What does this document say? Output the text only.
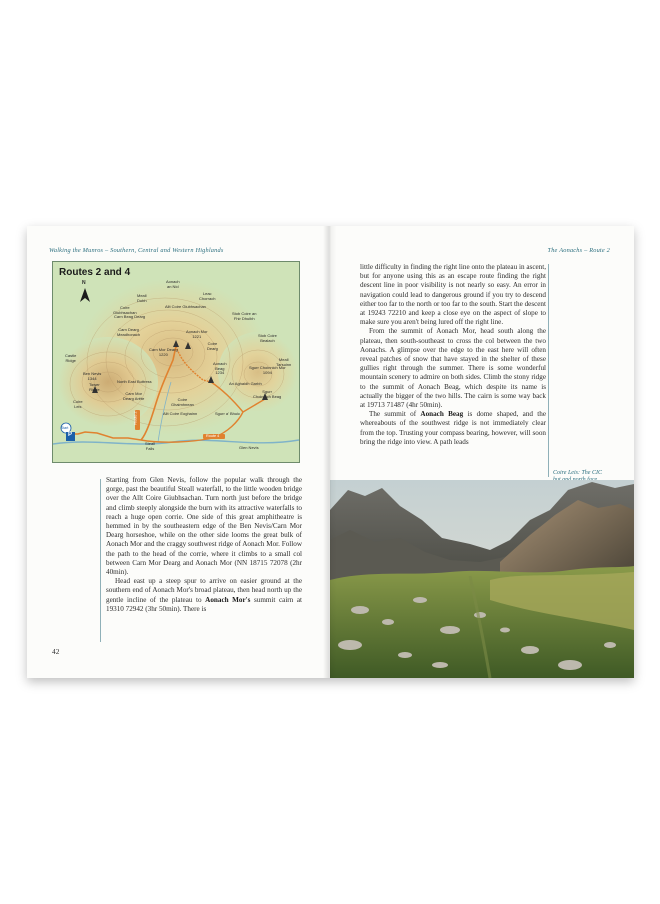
Walking the Munros – Southern, Central and Western Highlands
Routes 2 and 4
N	Aonach
an Nid
Meall
Dubh
Leac
Chorrach
Allt Coire Giubhsachan
Coire
Giubhsachan	Stob Coire an
Fhir Dhuibh
Carn Beag Dearg
Carn Dearg
Meadhonach
Aonach Mor
1221	Stob Coire
Bealach
Carn Mor Dearg
1220
Coire
Dearg
Castle
Ridge
Ben Nevis
1344
Tower
Ridge
North East Buttress
Carn Mor
Dearg Arête
Coire
Leis
Aonach
Beag
1234
An Aghaidh Garbh
Meall Tarsuinn
Sgurr Choinnich Mor
1094
Sgurr
Choinnich Beag
Coire
Ghaimhnean
Sgurr a' Bhuic
Allt Coire Eoghainn
Steall
Falls	Glen Nevis
Route 4
Route 2
Start
P

Starting from Glen Nevis, follow the popular walk through the gorge, past the beautiful Steall waterfall, to the little wooden bridge over the Allt Coire Giubhsachan. Turn north just before the bridge and climb steeply alongside the burn with its attractive waterfalls to reach a huge open corrie. One side of this great amphitheatre is hemmed in by the southeastern edge of the Ben Nevis/Carn Mor Dearg horseshoe, while on the other side looms the great bulk of Aonach Mor and the craggy southwest ridge of Aonach Mor. Follow the path to the head of the corrie, where it climbs to a small col between Carn Mor Dearg and Aonach Mor (NN 18715 72078 (2hr 40min).

Head east up a steep spur to arrive on easier ground at the southern end of Aonach Mor's broad plateau, then head north up the gentle incline of the plateau to Aonach Mor's summit cairn at 19310 72942 (3hr 50min). There is

42
The Aonachs – Route 2

little difficulty in finding the right line onto the plateau in ascent, but for anyone using this as an escape route finding the right descent line in poor visibility is not nearly so easy. An error in navigation could lead to dangerous ground if you try to descend either too far to the north or too far to the south. Start the descent at 19243 72210 and keep a close eye on the aspect of slope to make sure you aren't being lured off the right line.

From the summit of Aonach Mor, head south along the plateau, then south-southeast to cross the col between the two Aonachs. A glimpse over the edge to the east here will often reveal patches of snow that have stayed in the shelter of these gullies right through the summer. There is some wonderful mountain scenery to admire on both sides. Climb the stony ridge to the summit of Aonach Beag, which despite its name is actually the bigger of the two hills. The cairn is some way back at 19713 71487 (4hr 50min).

The summit of Aonach Beag is dome shaped, and the whereabouts of the southwest ridge is not immediately clear from the top. Trusting your compass bearing, however, will soon bring the ridge into view. A path leads

Coire Leis: The CIC
